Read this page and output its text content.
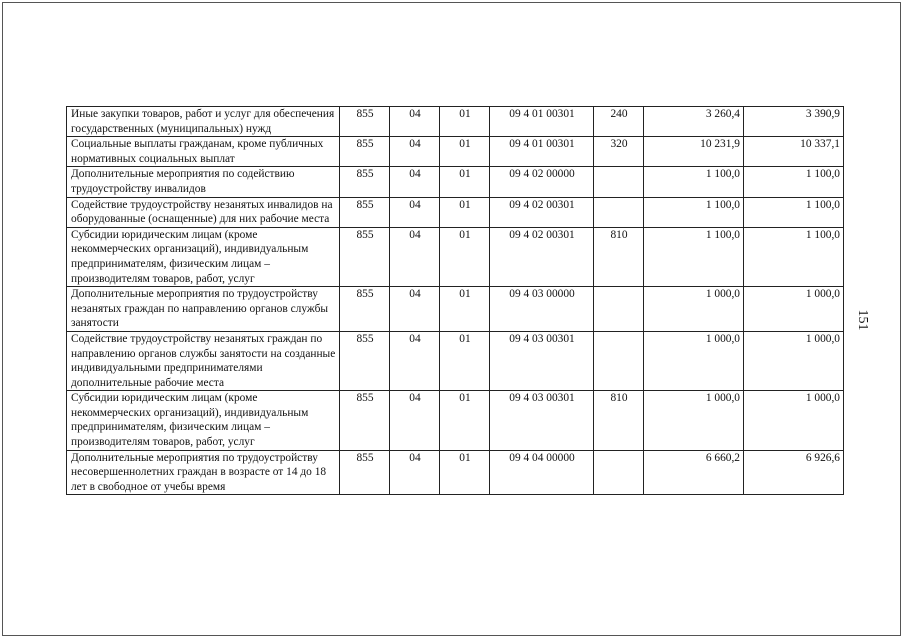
Иные закупки товаров, работ и услуг для обеспечения государственных (муниципальных) нужд	855	04	01	09 4 01 00301	240	3 260,4	3 390,9
Социальные выплаты гражданам, кроме публичных нормативных социальных выплат	855	04	01	09 4 01 00301	320	10 231,9	10 337,1
Дополнительные мероприятия по содействию трудоустройству инвалидов	855	04	01	09 4 02 00000		1 100,0	1 100,0
Содействие трудоустройству незанятых инвалидов на оборудованные (оснащенные) для них рабочие места	855	04	01	09 4 02 00301		1 100,0	1 100,0
Субсидии юридическим лицам (кроме некоммерческих организаций), индивидуальным предпринимателям, физическим лицам – производителям товаров, работ, услуг	855	04	01	09 4 02 00301	810	1 100,0	1 100,0
Дополнительные мероприятия по трудоустройству незанятых граждан по направлению органов службы занятости	855	04	01	09 4 03 00000		1 000,0	1 000,0
Содействие трудоустройству незанятых граждан по направлению органов службы занятости на созданные индивидуальными предпринимателями дополнительные рабочие места	855	04	01	09 4 03 00301		1 000,0	1 000,0
Субсидии юридическим лицам (кроме некоммерческих организаций), индивидуальным предпринимателям, физическим лицам – производителям товаров, работ, услуг	855	04	01	09 4 03 00301	810	1 000,0	1 000,0
Дополнительные мероприятия по трудоустройству несовершеннолетних граждан в возрасте от 14 до 18 лет в свободное от учебы время	855	04	01	09 4 04 00000		6 660,2	6 926,6
151
